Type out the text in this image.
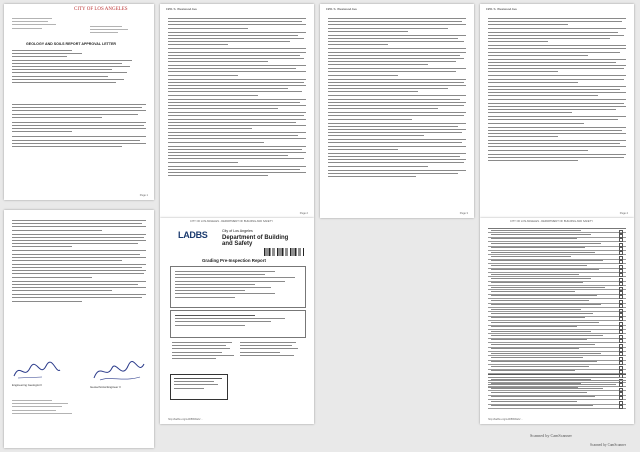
CITY OF LOS ANGELES
GEOLOGY AND SOILS REPORT APPROVAL LETTER
Page 1
1951 S. Westwood Ave
Page 2
1951 S. Westwood Ave
Page 3
1951 S. Westwood Ave
Page 4
Engineering Geologist II	Geotechnical Engineer II
CITY OF LOS ANGELES - DEPARTMENT OF BUILDING AND SAFETY
LADBS	City of Los Angeles
Department of Building
and Safety
Grading Pre-Inspection Report
http://ladbs.org/LADBSWeb/...
CITY OF LOS ANGELES - DEPARTMENT OF BUILDING AND SAFETY
http://ladbs.org/LADBSWeb/...
Scanned by CamScanner
Scanned by CamScanner
